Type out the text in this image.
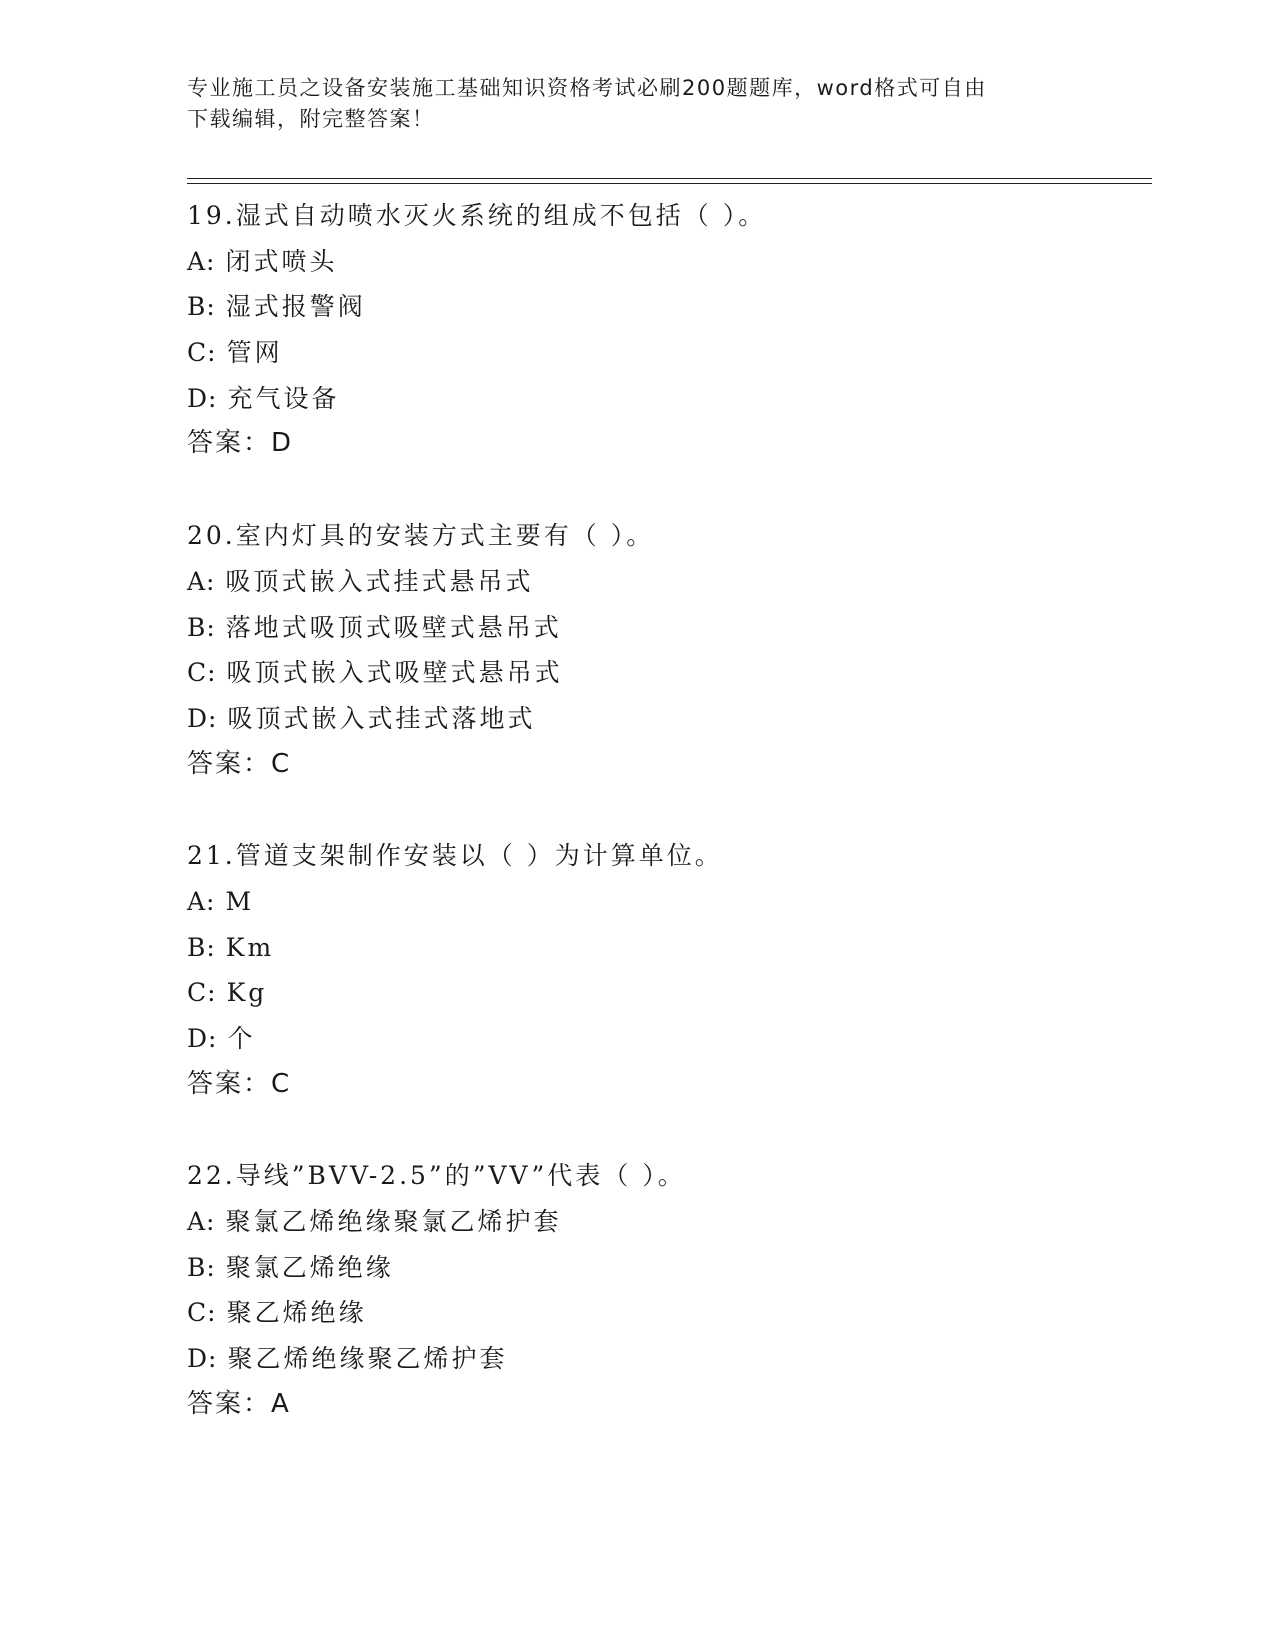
专业施工员之设备安装施工基础知识资格考试必刷200题题库，word格式可自由
下载编辑，附完整答案！
19.湿式自动喷水灭火系统的组成不包括（ ）。
A: 闭式喷头
B: 湿式报警阀
C: 管网
D: 充气设备
答案：D
20.室内灯具的安装方式主要有（ ）。
A: 吸顶式嵌入式挂式悬吊式
B: 落地式吸顶式吸壁式悬吊式
C: 吸顶式嵌入式吸壁式悬吊式
D: 吸顶式嵌入式挂式落地式
答案：C
21.管道支架制作安装以（ ）为计算单位。
A: M
B: Km
C: Kg
D: 个
答案：C
22.导线”BVV-2.5”的”VV”代表（ ）。
A: 聚氯乙烯绝缘聚氯乙烯护套
B: 聚氯乙烯绝缘
C: 聚乙烯绝缘
D: 聚乙烯绝缘聚乙烯护套
答案：A
